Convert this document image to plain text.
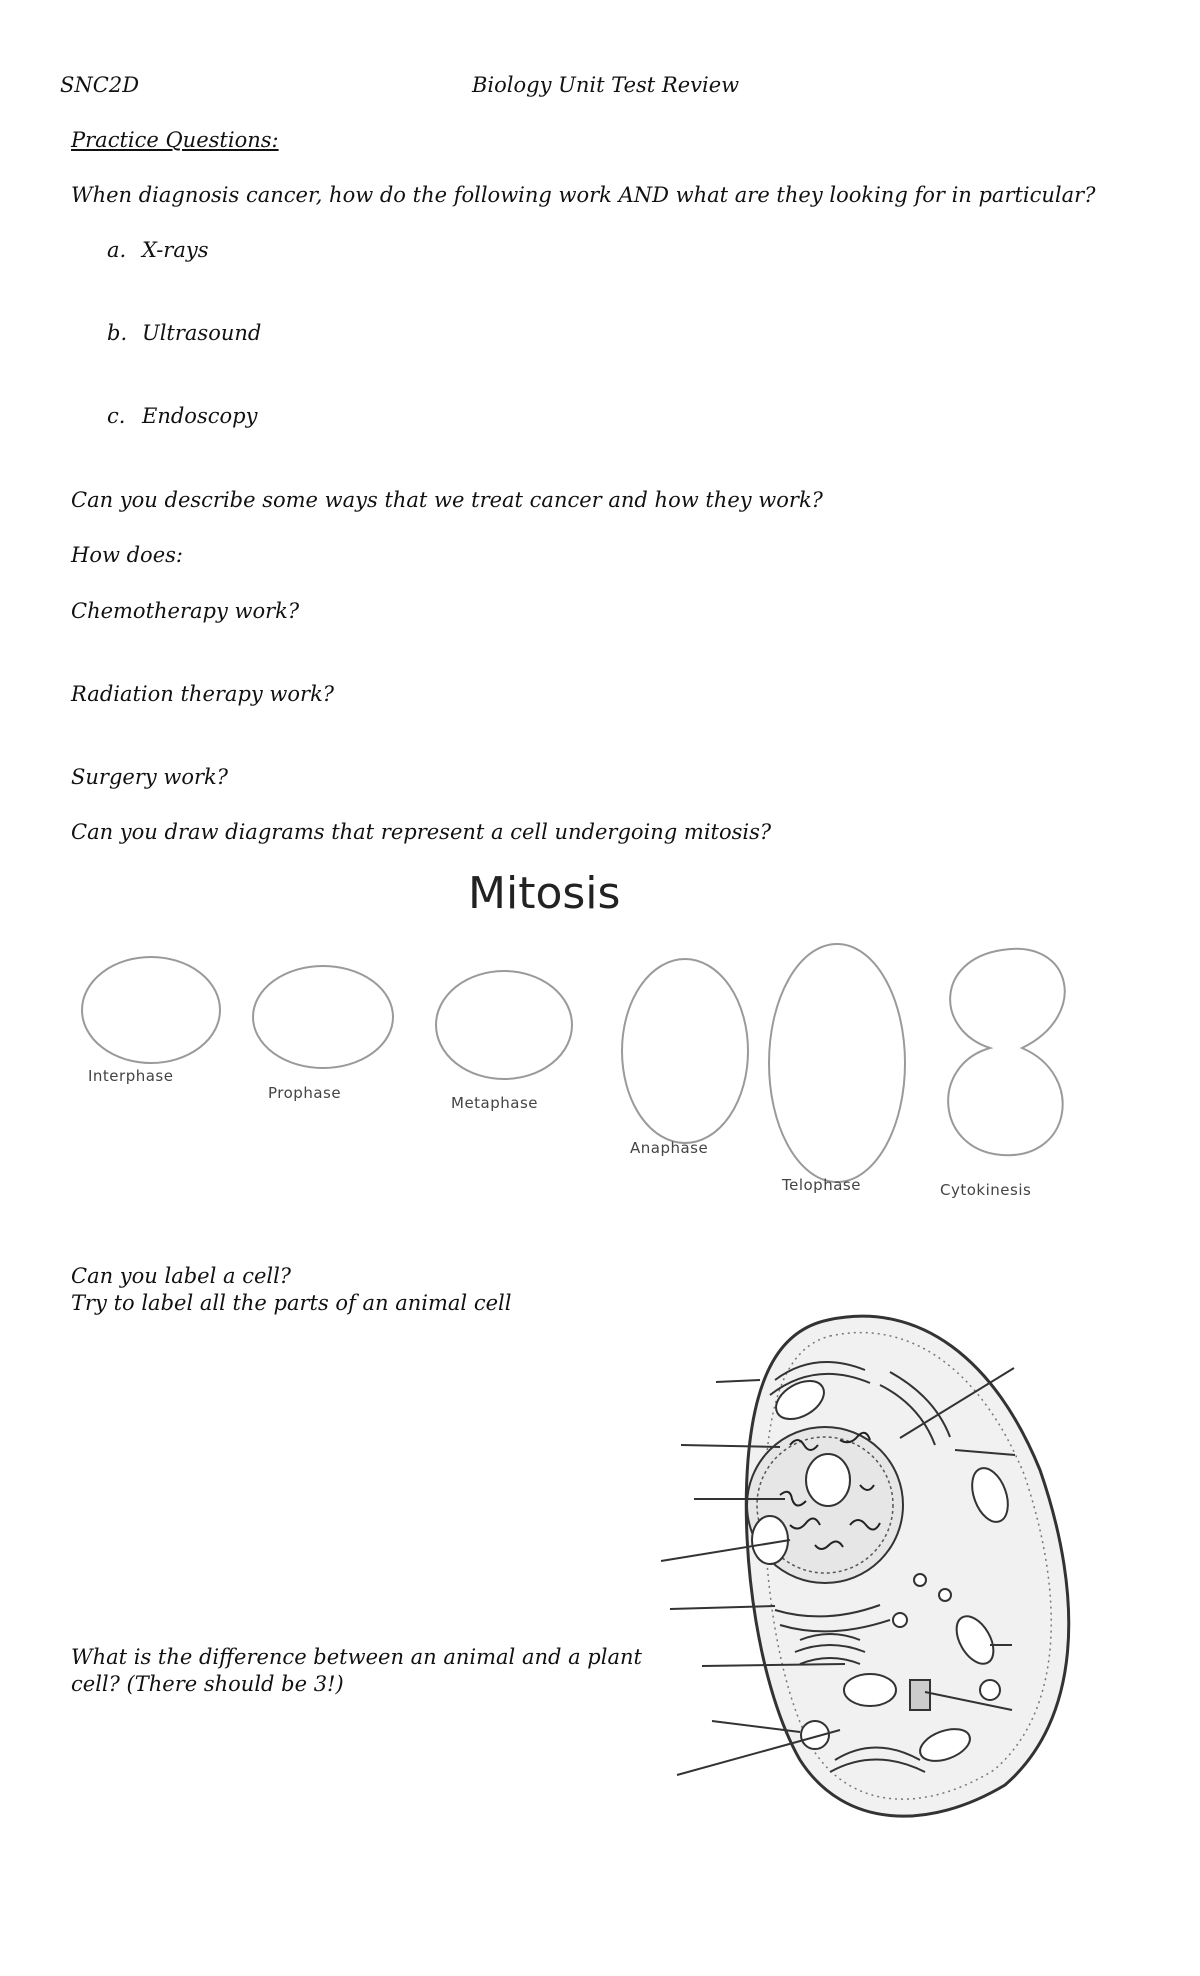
SNC2D	Biology Unit Test Review
Practice Questions:
When diagnosis cancer, how do the following work AND what are they looking for in particular?
a. X-rays
b. Ultrasound
c. Endoscopy
Can you describe some ways that we treat cancer and how they work?
How does:
Chemotherapy work?
Radiation therapy work?
Surgery work?
Can you draw diagrams that represent a cell undergoing mitosis?
Mitosis
Interphase
Prophase
Metaphase
Anaphase
Telophase	Cytokinesis
Can you label a cell?
Try to label all the parts of an animal cell
What is the difference between an animal and a plant
cell? (There should be 3!)
